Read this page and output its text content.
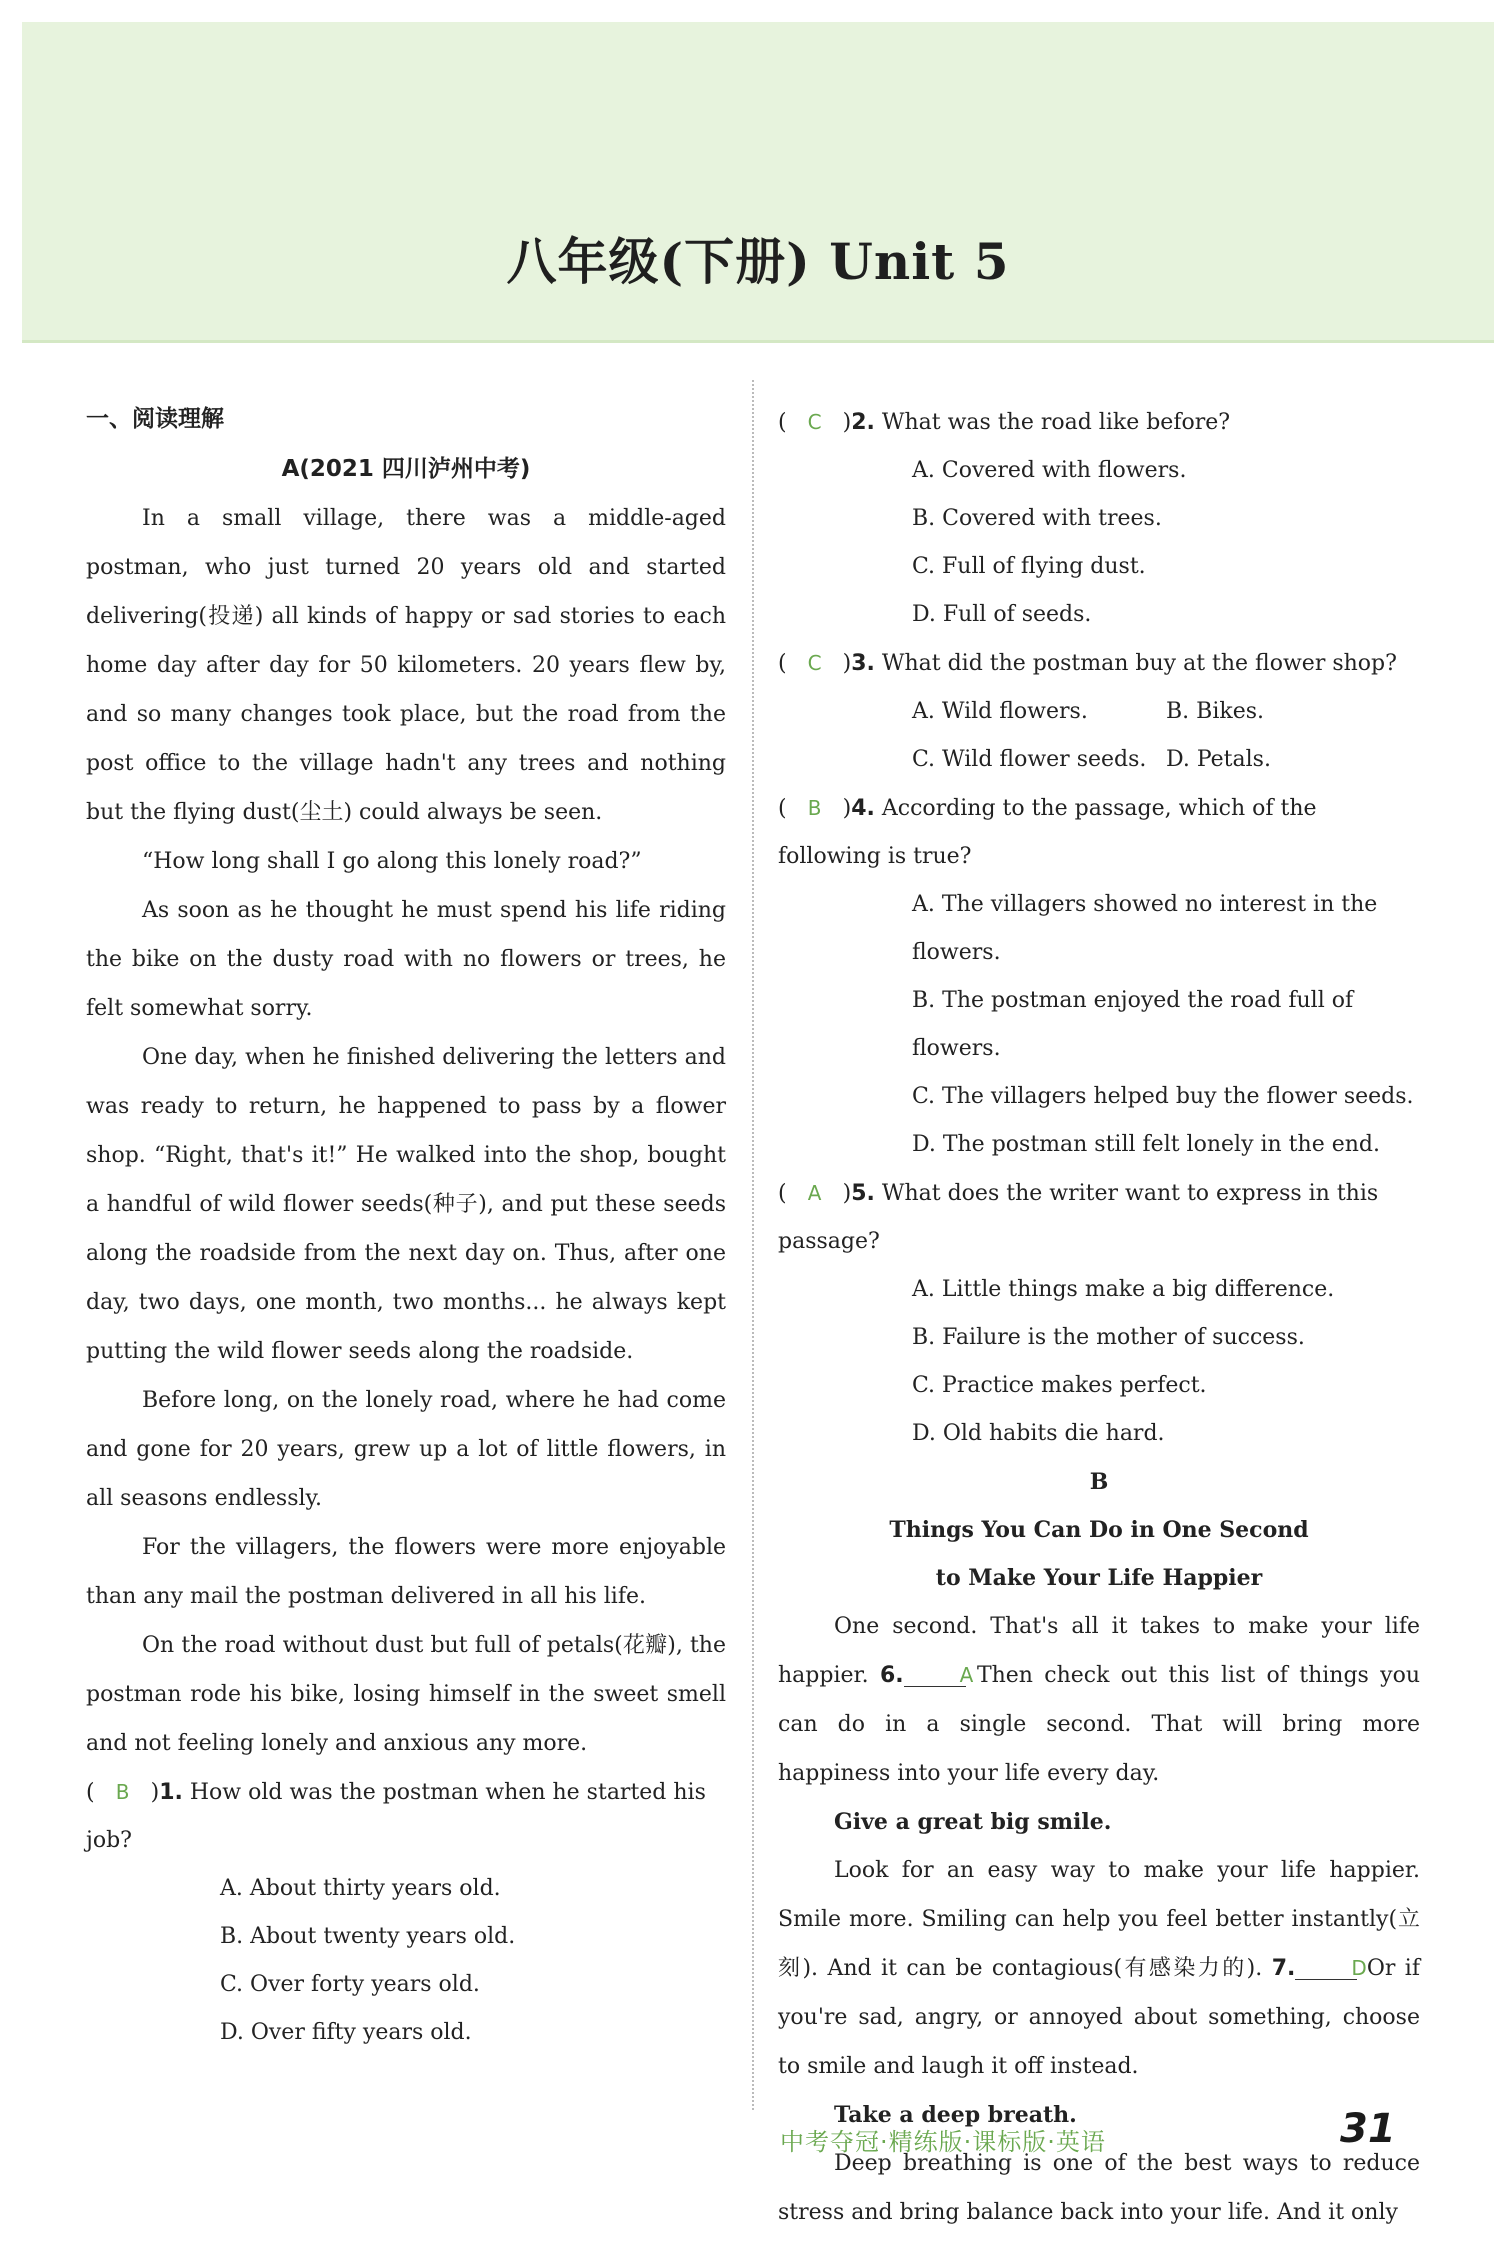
八年级(下册) Unit 5
一、阅读理解
A(2021 四川泸州中考)

In a small village, there was a middle-aged postman, who just turned 20 years old and started delivering(投递) all kinds of happy or sad stories to each home day after day for 50 kilometers. 20 years flew by, and so many changes took place, but the road from the post office to the village hadn't any trees and nothing but the flying dust(尘土) could always be seen.

“How long shall I go along this lonely road?”

As soon as he thought he must spend his life riding the bike on the dusty road with no flowers or trees, he felt somewhat sorry.

One day, when he finished delivering the letters and was ready to return, he happened to pass by a flower shop. “Right, that's it!” He walked into the shop, bought a handful of wild flower seeds(种子), and put these seeds along the roadside from the next day on. Thus, after one day, two days, one month, two months... he always kept putting the wild flower seeds along the roadside.

Before long, on the lonely road, where he had come and gone for 20 years, grew up a lot of little flowers, in all seasons endlessly.

For the villagers, the flowers were more enjoyable than any mail the postman delivered in all his life.

On the road without dust but full of petals(花瓣), the postman rode his bike, losing himself in the sweet smell and not feeling lonely and anxious any more.

( B )1. How old was the postman when he started his job?
A. About thirty years old.
B. About twenty years old.
C. Over forty years old.
D. Over fifty years old.
( C )2. What was the road like before?
A. Covered with flowers.
B. Covered with trees.
C. Full of flying dust.
D. Full of seeds.
( C )3. What did the postman buy at the flower shop?
A. Wild flowers.	B. Bikes.
C. Wild flower seeds. D. Petals.
( B )4. According to the passage, which of the following is true?
A. The villagers showed no interest in the flowers.
B. The postman enjoyed the road full of flowers.
C. The villagers helped buy the flower seeds.
D. The postman still felt lonely in the end.
( A )5. What does the writer want to express in this passage?
A. Little things make a big difference.
B. Failure is the mother of success.
C. Practice makes perfect.
D. Old habits die hard.

B

Things You Can Do in One Second

to Make Your Life Happier

One second. That's all it takes to make your life happier. 6.	A Then check out this list of things you can do in a single second. That will bring more happiness into your life every day.

Give a great big smile.

Look for an easy way to make your life happier. Smile more. Smiling can help you feel better instantly(立刻). And it can be contagious(有感染力的). 7.	D Or if you're sad, angry, or annoyed about something, choose to smile and laugh it off instead.

Take a deep breath.

Deep breathing is one of the best ways to reduce stress and bring balance back into your life. And it only

中考夺冠·精练版·课标版·英语	31
